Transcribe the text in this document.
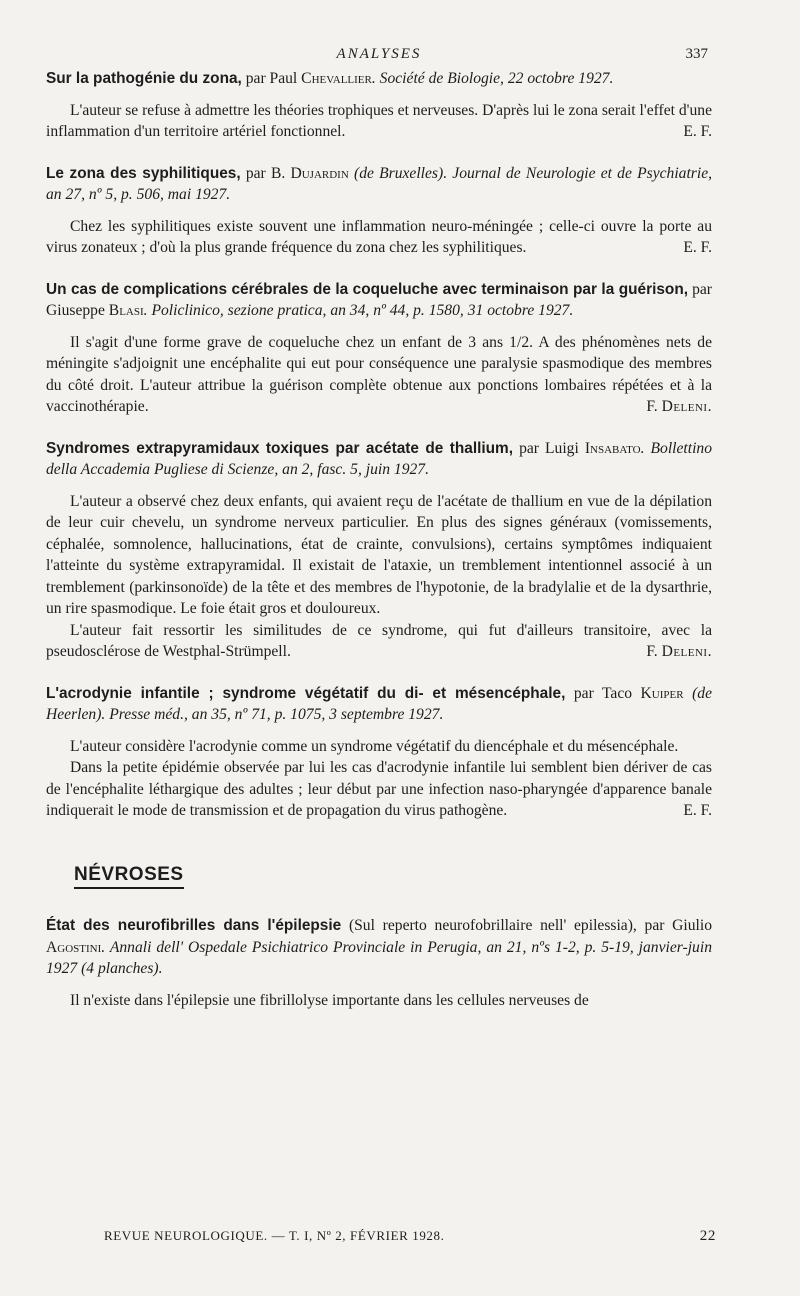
ANALYSES	337

Sur la pathogénie du zona, par Paul Chevallier. Société de Biologie, 22 octobre 1927.

L'auteur se refuse à admettre les théories trophiques et nerveuses. D'après lui le zona serait l'effet d'une inflammation d'un territoire artériel fonctionnel.	E. F.

Le zona des syphilitiques, par B. Dujardin (de Bruxelles). Journal de Neurologie et de Psychiatrie, an 27, nº 5, p. 506, mai 1927.

Chez les syphilitiques existe souvent une inflammation neuro-méningée ; celle-ci ouvre la porte au virus zonateux ; d'où la plus grande fréquence du zona chez les syphilitiques.	E. F.

Un cas de complications cérébrales de la coqueluche avec terminaison par la guérison, par Giuseppe Blasi. Policlinico, sezione pratica, an 34, nº 44, p. 1580, 31 octobre 1927.

Il s'agit d'une forme grave de coqueluche chez un enfant de 3 ans 1/2. A des phénomènes nets de méningite s'adjoignit une encéphalite qui eut pour conséquence une paralysie spasmodique des membres du côté droit. L'auteur attribue la guérison complète obtenue aux ponctions lombaires répétées et à la vaccinothérapie.	F. Deleni.

Syndromes extrapyramidaux toxiques par acétate de thallium, par Luigi Insabato. Bollettino della Accademia Pugliese di Scienze, an 2, fasc. 5, juin 1927.

L'auteur a observé chez deux enfants, qui avaient reçu de l'acétate de thallium en vue de la dépilation de leur cuir chevelu, un syndrome nerveux particulier. En plus des signes généraux (vomissements, céphalée, somnolence, hallucinations, état de crainte, convulsions), certains symptômes indiquaient l'atteinte du système extrapyramidal. Il existait de l'ataxie, un tremblement intentionnel associé à un tremblement (parkinsonoïde) de la tête et des membres de l'hypotonie, de la bradylalie et de la dysarthrie, un rire spasmodique. Le foie était gros et douloureux.

L'auteur fait ressortir les similitudes de ce syndrome, qui fut d'ailleurs transitoire, avec la pseudosclérose de Westphal-Strümpell.	F. Deleni.

L'acrodynie infantile ; syndrome végétatif du di- et mésencéphale, par Taco Kuiper (de Heerlen). Presse méd., an 35, nº 71, p. 1075, 3 septembre 1927.

L'auteur considère l'acrodynie comme un syndrome végétatif du diencéphale et du mésencéphale.

Dans la petite épidémie observée par lui les cas d'acrodynie infantile lui semblent bien dériver de cas de l'encéphalite léthargique des adultes ; leur début par une infection naso-pharyngée d'apparence banale indiquerait le mode de transmission et de propagation du virus pathogène.	E. F.

NÉVROSES

État des neurofibrilles dans l'épilepsie (Sul reperto neurofobrillaire nell' epilessia), par Giulio Agostini. Annali dell' Ospedale Psichiatrico Provinciale in Perugia, an 21, nºs 1-2, p. 5-19, janvier-juin 1927 (4 planches).

Il n'existe dans l'épilepsie une fibrillolyse importante dans les cellules nerveuses de

REVUE NEUROLOGIQUE. — T. I, Nº 2, FÉVRIER 1928.	22
